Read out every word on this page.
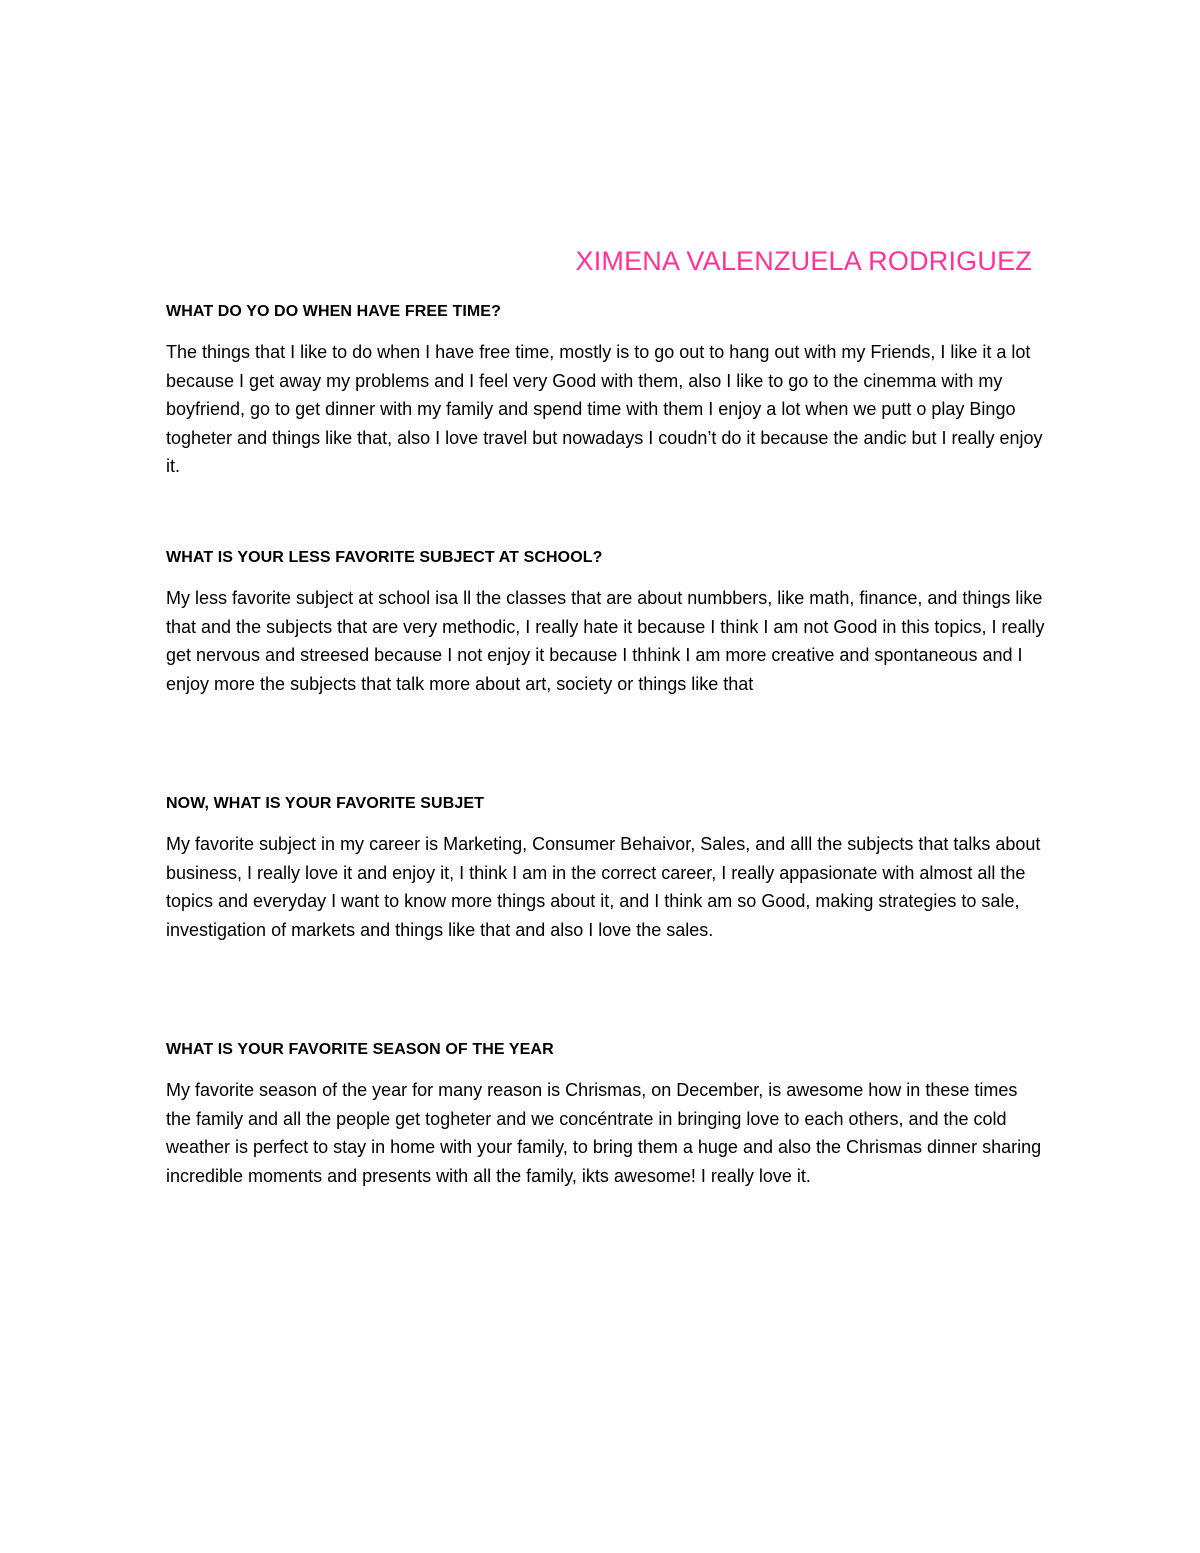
XIMENA VALENZUELA RODRIGUEZ

WHAT DO YO DO WHEN HAVE FREE TIME?

The things that I like to do when I have free time, mostly is to go out to hang out with my Friends, I like it a lot because I get away my problems and I feel very Good with them, also I like to go to the cinemma with my boyfriend, go to get dinner with my family and spend time with them I enjoy a lot when we putt o play Bingo togheter and things like that, also I love travel but nowadays I coudn’t do it because the andic but I really enjoy it.

WHAT IS YOUR LESS FAVORITE SUBJECT AT SCHOOL?

My less favorite subject at school isa ll the classes that are about numbbers, like math, finance, and things like that and the subjects that are very methodic, I really hate it because I think I am not Good in this topics, I really get nervous and streesed because I not enjoy it because I thhink I am more creative and spontaneous and I enjoy more the subjects that talk more about art, society or things like that

NOW, WHAT IS YOUR FAVORITE SUBJET

My favorite subject in my career is Marketing, Consumer Behaivor, Sales, and alll the subjects that talks about business, I really love it and enjoy it, I think I am in the correct career, I really appasionate with almost all the topics and everyday I want to know more things about it, and I think am so Good, making strategies to sale, investigation of markets and things like that and also I love the sales.

WHAT IS YOUR FAVORITE SEASON OF THE YEAR

My favorite season of the year for many reason is Chrismas, on December, is awesome how in these times the family and all the people get togheter and we concéntrate in bringing love to each others, and the cold weather is perfect to stay in home with your family, to bring them a huge and also the Chrismas dinner sharing incredible moments and presents with all the family, ikts awesome! I really love it.
